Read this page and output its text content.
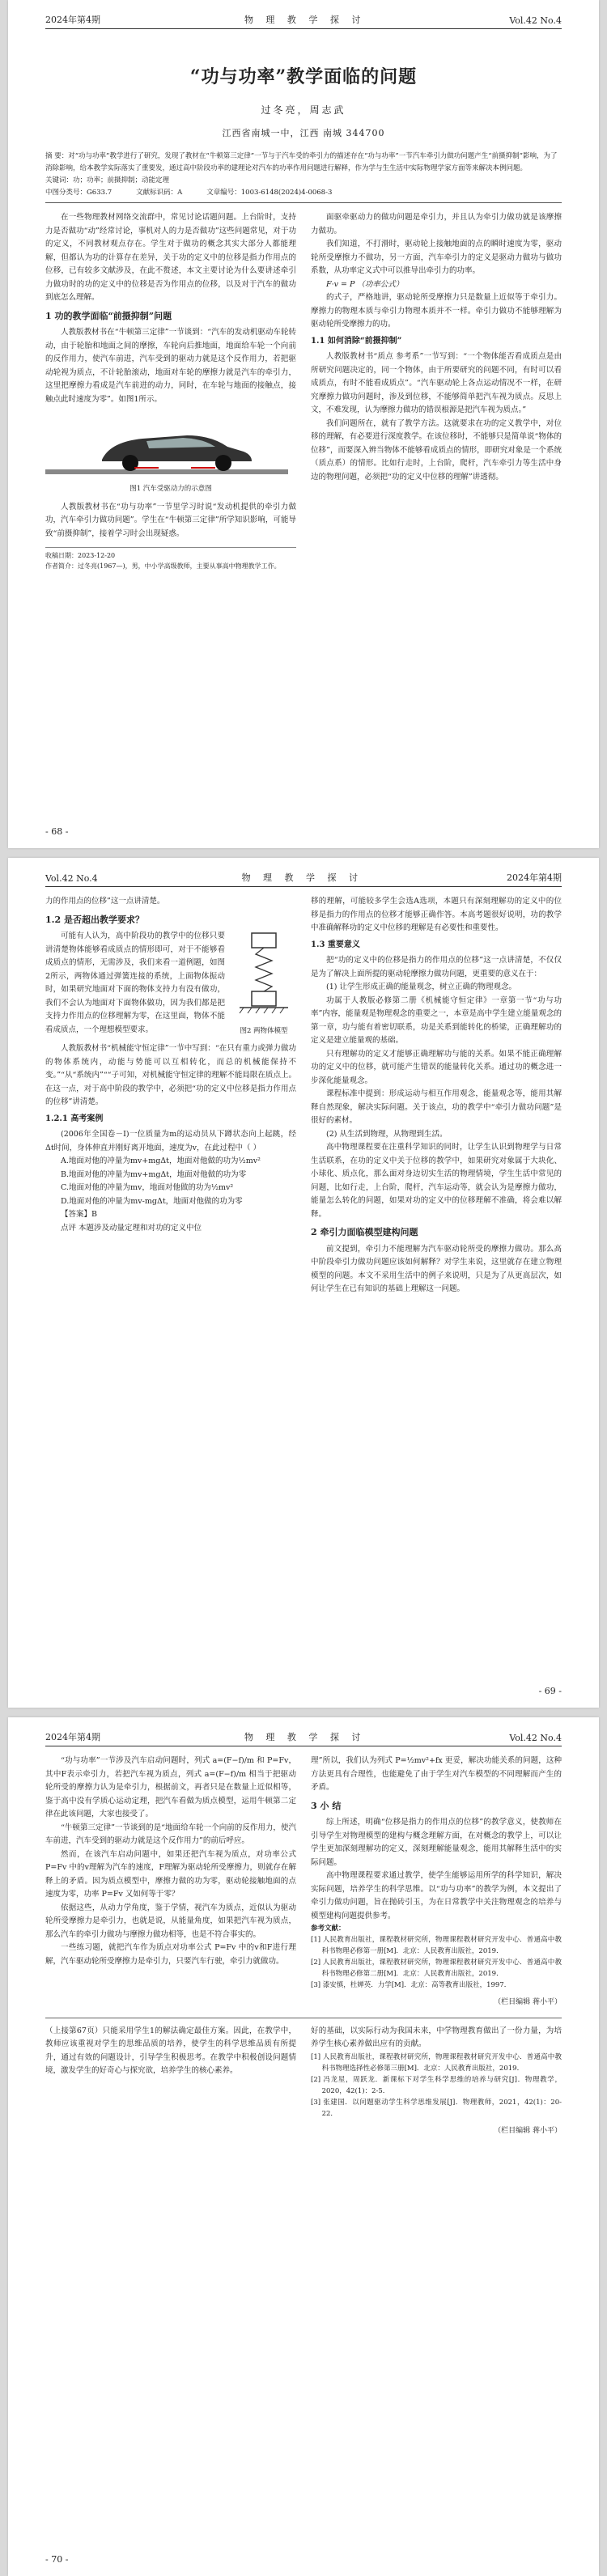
2024年第4期	物 理 教 学 探 讨	Vol.42 No.4
“功与功率”教学面临的问题
过冬亮，周志武
江西省南城一中，江西 南城 344700
摘 要：对“功与功率”教学进行了研究，发现了教材在“牛顿第三定律”一节与于汽车受的牵引力的描述存在“功与功率”一节汽车牵引力做功问题产生“前摄抑制”影响，为了消除影响，给本教学实际落实了重要发，通过高中阶段功率的建理论对汽车的功率作用问题进行解释，作为学与生生活中实际物理学家方面等来解决本例问题。
关键词：功；功率；前摄抑制；动能定理
中图分类号：G633.7	文献标识码：A	文章编号：1003-6148(2024)4-0068-3

在一些物理教材网络交流群中，常见讨论话题问题。上台阶时，支持力是否做功“动”经常讨论，事机对人的力是否做功”这些问题常见，对于功的定义，不同教材观点存在。学生对于做功的概念其实大部分人都能理解，但都认为功的计算存在差异，关于功的定义中的位移是指力作用点的位移，已有较多文献涉及，在此不赘述，本文主要讨论为什么要讲述牵引力做功时的功的定义中的位移是否为作用点的位移，以及对于汽车的做功到底怎么理解。

1 功的教学面临“前摄抑制”问题

人教版教材书在“牛顿第三定律”一节谈到：“汽车的发动机驱动车轮转动，由于轮胎和地面之间的摩擦，车轮向后推地面，地面给车轮一个向前的反作用力，使汽车前进，汽车受到的驱动力就是这个反作用力，若把驱动轮视为质点，不计轮胎滚动，地面对车轮的摩擦力就是汽车的牵引力，这里把摩擦力看成是汽车前进的动力，同时，在车轮与地面的接触点，接触点此时速度为零”。如图1所示。

图1 汽车受驱动力的示意图

人教版教材书在“功与功率”一节里学习时说“发动机提供的牵引力做功，汽车牵引力做功问题”。学生在“牛顿第三定律”所学知识影响，可能导致“前摄抑制”，接着学习时会出现疑惑。

收稿日期：2023-12-20
作者简介：过冬亮(1967—)，男，中小学高级教师，主要从事高中物理教学工作。

面驱牵驱动力的做功问题是牵引力，并且认为牵引力做功就是该摩擦力做功。

我们知道，不打滑时，驱动轮上接触地面的点的瞬时速度为零，驱动轮所受摩擦力不做功，另一方面，汽车牵引力的定义是驱动力做功与做功系数，从功率定义式中可以推导出牵引力的功率。

F·v = P （功率公式）

的式子，严格地讲，驱动轮所受摩擦力只是数量上近似等于牵引力。摩擦力的物理本质与牵引力物理本质并不一样。牵引力做功不能够理解为驱动轮所受摩擦力的功。

1.1 如何消除“前摄抑制”

人教版教材书“质点 参考系”一节写到：“一个物体能否看成质点是由所研究问题决定的，同一个物体，由于所要研究的问题不同，有时可以看成质点，有时不能看成质点”。“汽车驱动轮上各点运动情况不一样，在研究摩擦力做功问题时，渗及到位移，不能够简单把汽车视为质点。反思上文，不难发现，认为摩擦力做功的错误根源是把汽车视为质点。”

我们问题所在，就有了教学方法。这就要求在功的定义教学中，对位移的理解，有必要进行深度教学。在该位移时，不能够只是简单说“物体的位移”，而要深入辨当物体不能够看成质点的情形，即研究对象是一个系统（质点系）的情形。比如行走时，上台阶，爬杆，汽车牵引力等生活中身边的物理问题，必须把“功的定义中位移的理解”讲透彻。

- 68 -
Vol.42 No.4	物 理 教 学 探 讨	2024年第4期

力的作用点的位移”这一点讲清楚。

1.2 是否超出教学要求？

可能有人认为，高中阶段功的教学中的位移只要讲清楚物体能够看成质点的情形即可，对于不能够看成质点的情形，无需涉及，我们来看一道例题，如图2所示，两物体通过弹簧连接的系统，上面物体振动时，如果研究地面对下面的物体支持力有没有做功，我们不会认为地面对下面物体做功，因为我们都是把支持力作用点的位移理解为零，在这里面，物体不能看成质点，一个理想模型要求。	图2 两物体模型

人教版教材书“机械能守恒定律”一节中写到：“在只有重力或弹力做功的物体系统内，动能与势能可以互相转化，而总的机械能保持不变。”“从“系统内”““子可知，对机械能守恒定律的理解不能局限在质点上。在这一点，对于高中阶段的教学中，必须把“功的定义中位移是指力作用点的位移”讲清楚。

1.2.1 高考案例

(2006年全国卷－I)一位质量为m的运动员从下蹲状态向上起跳，经Δt时间，身体伸直并刚好离开地面，速度为v，在此过程中（ ）

A.地面对他的冲量为mv+mgΔt，地面对他做的功为½mv²

B.地面对他的冲量为mv+mgΔt，地面对他做的功为零

C.地面对他的冲量为mv，地面对他做的功为½mv²

D.地面对他的冲量为mv-mgΔt，地面对他做的功为零

【答案】B

点评 本题涉及动量定理和对功的定义中位

移的理解，可能较多学生会选A选项，本题只有深刻理解功的定义中的位移是指力的作用点的位移才能够正确作答。本高考题很好说明，功的教学中准确解释功的定义中位移的理解是有必要性和重要性。

1.3 重要意义

把“功的定义中的位移是指力的作用点的位移”这一点讲清楚，不仅仅是为了解决上面所提的驱动轮摩擦力做功问题，更重要的意义在于：

(1) 让学生形成正确的能量观念，树立正确的物理观念。

功属于人教版必修第二册《机械能守恒定律》一章第一节“功与功率”内容，能量观是物理观念的重要之一，本章是高中学生建立能量观念的第一章，功与能有着密切联系，功是关系到能转化的桥梁，正确理解功的定义是建立能量观的基础。

只有理解功的定义才能够正确理解功与能的关系。如果不能正确理解功的定义中的位移，就可能产生错误的能量转化关系。通过功的概念进一步深化能量观念。

课程标准中提到：形成运动与相互作用观念，能量观念等，能用其解释自然现象，解决实际问题。关于该点，功的教学中“牵引力做功问题”是很好的素材。

(2) 从生活到物理，从物理到生活。

高中物理课程要在注重科学知识的同时，让学生认识到物理学与日常生活联系，在功的定义中关于位移的教学中，如果研究对象属于大块化、小球化、质点化，那么面对身边切实生活的物理情境，学生生活中常见的问题，比如行走，上台阶，爬杆，汽车运动等，就会认为是摩擦力做功，能量怎么转化的问题，如果对功的定义中的位移理解不准确，将会难以解释。

2 牵引力面临模型建构问题

前文提到，牵引力不能理解为汽车驱动轮所受的摩擦力做功。那么高中阶段牵引力做功问题应该如何解释？对学生来说，这里就存在建立物理模型的问题。本文不采用生活中的例子来说明，只是为了从更高层次，如何让学生在已有知识的基础上理解这一问题。

- 69 -
2024年第4期	物 理 教 学 探 讨	Vol.42 No.4

“功与功率”一节涉及汽车启动问题时，列式 a=(F−f)/m 和 P=Fv，其中F表示牵引力，若把汽车视为质点，列式 a=(F−f)/m 相当于把驱动轮所受的摩擦力认为是牵引力，根据前文，再者只是在数量上近似相等，鉴于高中没有学质心运动定理，把汽车看做为质点模型，运用牛顿第二定律在此该问题，大家也接受了。

“牛顿第三定律”一节谈到的是“地面给车轮一个向前的反作用力，使汽车前进，汽车受到的驱动力就是这个反作用力”的前后呼应。

然而，在该汽车启动问题中，如果还把汽车视为质点，对功率公式 P=Fv 中的v理解为汽车的速度，F理解为驱动轮所受摩擦力，则就存在解释上的矛盾。因为质点模型中，摩擦力做的功为零，驱动轮接触地面的点速度为零，功率 P=Fv 又如何等于零？

依据这些，从动力学角度，鉴于学情，视汽车为质点，近似认为驱动轮所受摩擦力是牵引力，也就是说，从能量角度，如果把汽车视为质点，那么汽车的牵引力做功与摩擦力做功相等，也是不符合事实的。

一些练习题，就把汽车作为质点对功率公式 P=Fv 中的v和F进行理解，汽车驱动轮所受摩擦力是牵引力，只要汽车行驶，牵引力就做功。

理”所以，我们认为列式 P=½mv²+fx 更妥，解决功能关系的问题，这种方法更具有合理性，也能避免了由于学生对汽车模型的不同理解而产生的矛盾。

3 小 结

综上所述，明确“位移是指力的作用点的位移”的教学意义，使教师在引导学生对物理模型的建构与概念理解方面，在对概念的教学上，可以让学生更加深刻理解功的定义，深刻理解能量观念，能用其解释生活中的实际问题。

高中物理课程要求通过教学，使学生能够运用所学的科学知识，解决实际问题，培养学生的科学思维。以“功与功率”的教学为例，本文提出了牵引力做功问题，旨在抛砖引玉，为在日常教学中关注物理观念的培养与模型建构问题提供参考。

参考文献：
[1] 人民教育出版社，课程教材研究所，物理课程教材研究开发中心．普通高中教科书物理必修第一册[M]．北京：人民教育出版社，2019．
[2] 人民教育出版社，课程教材研究所，物理课程教材研究开发中心．普通高中教科书物理必修第二册[M]．北京：人民教育出版社，2019．
[3] 漆安慎，杜婵英．力学[M]．北京：高等教育出版社，1997．
（栏目编辑 蒋小平）

（上接第67页）只能采用学生1的解法确定最佳方案。因此，在教学中，教师应该重视对学生的思维品质的培养，使学生的科学思维品质有所提升，通过有效的问题设计，引导学生积极思考。在教学中积极创设问题情境，激发学生的好奇心与探究欲，培养学生的核心素养。

好的基础，以实际行动为我国未来，中学物理教育做出了一份力量，为培养学生核心素养做出应有的贡献。

[1] 人民教育出版社，课程教材研究所，物理课程教材研究开发中心．普通高中教科书物理选择性必修第三册[M]．北京：人民教育出版社，2019．
[2] 冯龙星，周跃龙．新课标下对学生科学思维的培养与研究[J]．物理教学，2020，42(1)：2-5．
[3] 张建国．以问题驱动学生科学思维发展[J]．物理教师，2021，42(1)：20-22．
（栏目编辑 蒋小平）
- 70 -
